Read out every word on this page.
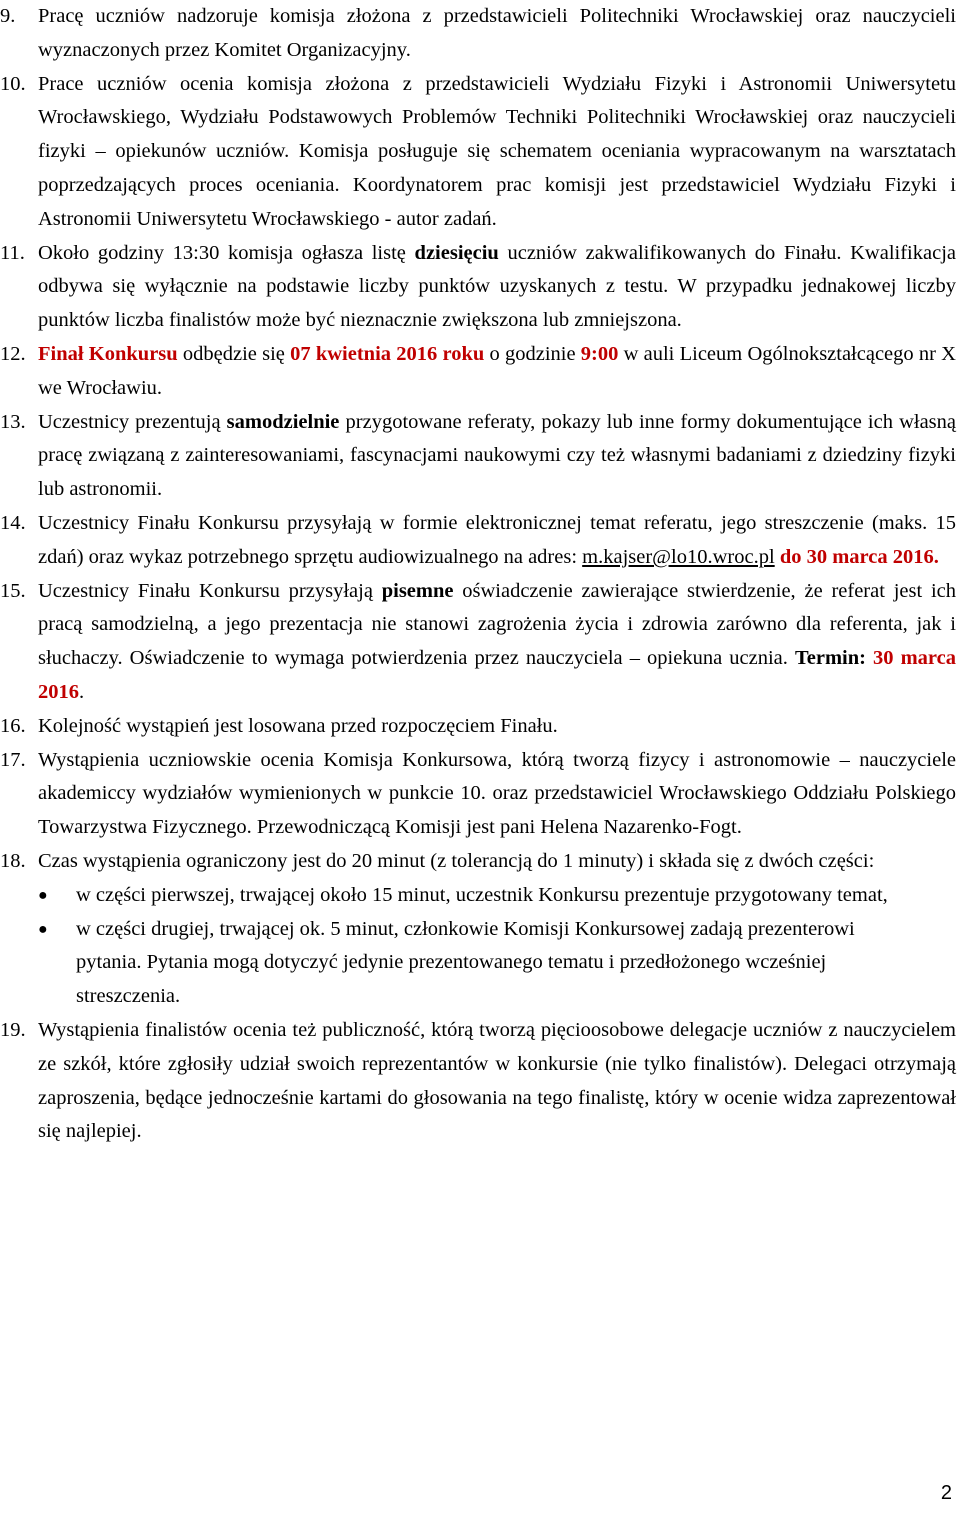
9.	Pracę uczniów nadzoruje komisja złożona z przedstawicieli Politechniki Wrocławskiej oraz nauczycieli wyznaczonych przez Komitet Organizacyjny.
10. Prace uczniów ocenia komisja złożona z przedstawicieli Wydziału Fizyki i Astronomii Uniwersytetu Wrocławskiego, Wydziału Podstawowych Problemów Techniki Politechniki Wrocławskiej oraz nauczycieli fizyki – opiekunów uczniów. Komisja posługuje się schematem oceniania wypracowanym na warsztatach poprzedzających proces oceniania. Koordynatorem prac komisji jest przedstawiciel Wydziału Fizyki i Astronomii Uniwersytetu Wrocławskiego - autor zadań.
11. Około godziny 13:30 komisja ogłasza listę dziesięciu uczniów zakwalifikowanych do Finału. Kwalifikacja odbywa się wyłącznie na podstawie liczby punktów uzyskanych z testu. W przypadku jednakowej liczby punktów liczba finalistów może być nieznacznie zwiększona lub zmniejszona.
12. Finał Konkursu odbędzie się 07 kwietnia 2016 roku o godzinie 9:00 w auli Liceum Ogólnokształcącego nr X we Wrocławiu.
13. Uczestnicy prezentują samodzielnie przygotowane referaty, pokazy lub inne formy dokumentujące ich własną pracę związaną z zainteresowaniami, fascynacjami naukowymi czy też własnymi badaniami z dziedziny fizyki lub astronomii.
14. Uczestnicy Finału Konkursu przysyłają w formie elektronicznej temat referatu, jego streszczenie (maks. 15 zdań) oraz wykaz potrzebnego sprzętu audiowizualnego na adres: m.kajser@lo10.wroc.pl do 30 marca 2016.
15. Uczestnicy Finału Konkursu przysyłają pisemne oświadczenie zawierające stwierdzenie, że referat jest ich pracą samodzielną, a jego prezentacja nie stanowi zagrożenia życia i zdrowia zarówno dla referenta, jak i słuchaczy. Oświadczenie to wymaga potwierdzenia przez nauczyciela – opiekuna ucznia. Termin: 30 marca 2016.
16. Kolejność wystąpień jest losowana przed rozpoczęciem Finału.
17. Wystąpienia uczniowskie ocenia Komisja Konkursowa, którą tworzą fizycy i astronomowie – nauczyciele akademiccy wydziałów wymienionych w punkcie 10. oraz przedstawiciel Wrocławskiego Oddziału Polskiego Towarzystwa Fizycznego. Przewodniczącą Komisji jest pani Helena Nazarenko-Fogt.
18. Czas wystąpienia ograniczony jest do 20 minut (z tolerancją do 1 minuty) i składa się z dwóch części:
●	w części pierwszej, trwającej około 15 minut, uczestnik Konkursu prezentuje przygotowany temat,
●	w części drugiej, trwającej ok. 5 minut, członkowie Komisji Konkursowej zadają prezenterowi pytania. Pytania mogą dotyczyć jedynie prezentowanego tematu i przedłożonego wcześniej streszczenia.
19. Wystąpienia finalistów ocenia też publiczność, którą tworzą pięcioosobowe delegacje uczniów z nauczycielem ze szkół, które zgłosiły udział swoich reprezentantów w konkursie (nie tylko finalistów). Delegaci otrzymają zaproszenia, będące jednocześnie kartami do głosowania na tego finalistę, który w ocenie widza zaprezentował się najlepiej.
2
